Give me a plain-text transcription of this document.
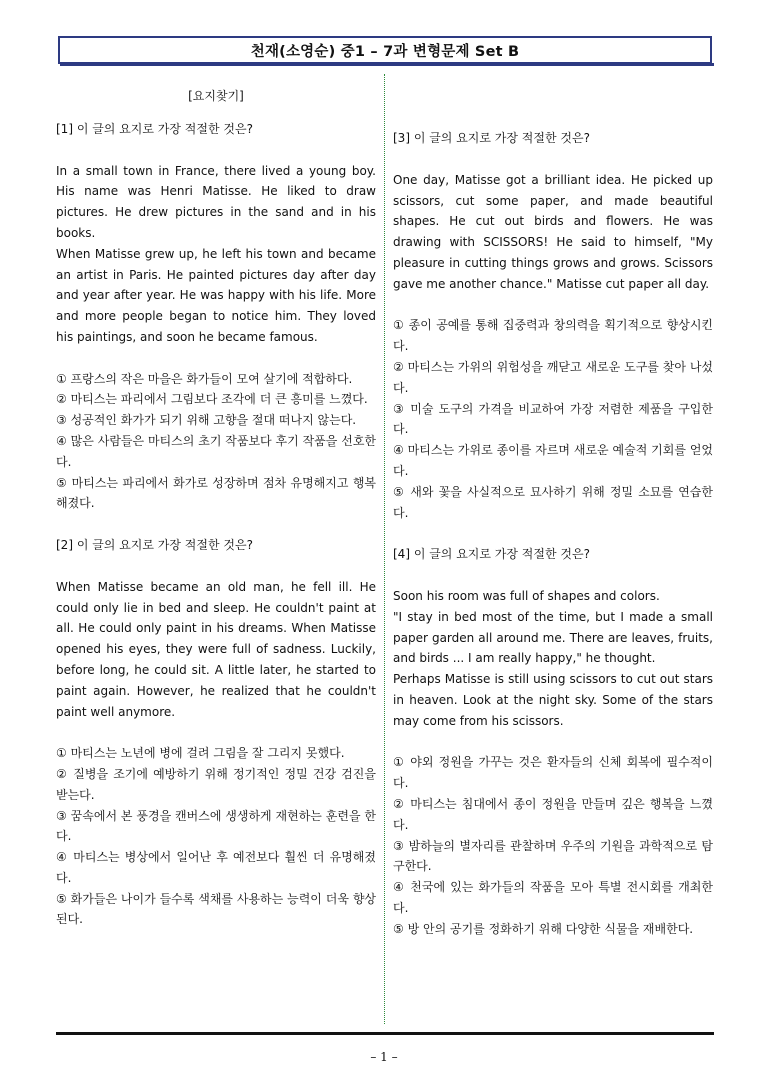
천재(소영순) 중1 – 7과 변형문제 Set B
[요지찾기]
[1] 이 글의 요지로 가장 적절한 것은?

In a small town in France, there lived a young boy. His name was Henri Matisse. He liked to draw pictures. He drew pictures in the sand and in his books.

When Matisse grew up, he left his town and became an artist in Paris. He painted pictures day after day and year after year. He was happy with his life. More and more people began to notice him. They loved his paintings, and soon he became famous.

① 프랑스의 작은 마을은 화가들이 모여 살기에 적합하다.
② 마티스는 파리에서 그림보다 조각에 더 큰 흥미를 느꼈다.
③ 성공적인 화가가 되기 위해 고향을 절대 떠나지 않는다.
④ 많은 사람들은 마티스의 초기 작품보다 후기 작품을 선호한다.
⑤ 마티스는 파리에서 화가로 성장하며 점차 유명해지고 행복해졌다.
[2] 이 글의 요지로 가장 적절한 것은?

When Matisse became an old man, he fell ill. He could only lie in bed and sleep. He couldn't paint at all. He could only paint in his dreams. When Matisse opened his eyes, they were full of sadness. Luckily, before long, he could sit. A little later, he started to paint again. However, he realized that he couldn't paint well anymore.

① 마티스는 노년에 병에 걸려 그림을 잘 그리지 못했다.
② 질병을 조기에 예방하기 위해 정기적인 정밀 건강 검진을 받는다.
③ 꿈속에서 본 풍경을 캔버스에 생생하게 재현하는 훈련을 한다.
④ 마티스는 병상에서 일어난 후 예전보다 훨씬 더 유명해졌다.
⑤ 화가들은 나이가 들수록 색채를 사용하는 능력이 더욱 향상된다.
[3] 이 글의 요지로 가장 적절한 것은?

One day, Matisse got a brilliant idea. He picked up scissors, cut some paper, and made beautiful shapes. He cut out birds and flowers. He was drawing with SCISSORS! He said to himself, "My pleasure in cutting things grows and grows. Scissors gave me another chance." Matisse cut paper all day.

① 종이 공예를 통해 집중력과 창의력을 획기적으로 향상시킨다.
② 마티스는 가위의 위험성을 깨닫고 새로운 도구를 찾아 나섰다.
③ 미술 도구의 가격을 비교하여 가장 저렴한 제품을 구입한다.
④ 마티스는 가위로 종이를 자르며 새로운 예술적 기회를 얻었다.
⑤ 새와 꽃을 사실적으로 묘사하기 위해 정밀 소묘를 연습한다.
[4] 이 글의 요지로 가장 적절한 것은?

Soon his room was full of shapes and colors.

"I stay in bed most of the time, but I made a small paper garden all around me. There are leaves, fruits, and birds ... I am really happy," he thought.

Perhaps Matisse is still using scissors to cut out stars in heaven. Look at the night sky. Some of the stars may come from his scissors.

① 야외 정원을 가꾸는 것은 환자들의 신체 회복에 필수적이다.
② 마티스는 침대에서 종이 정원을 만들며 깊은 행복을 느꼈다.
③ 밤하늘의 별자리를 관찰하며 우주의 기원을 과학적으로 탐구한다.
④ 천국에 있는 화가들의 작품을 모아 특별 전시회를 개최한다.
⑤ 방 안의 공기를 정화하기 위해 다양한 식물을 재배한다.
– 1 –
